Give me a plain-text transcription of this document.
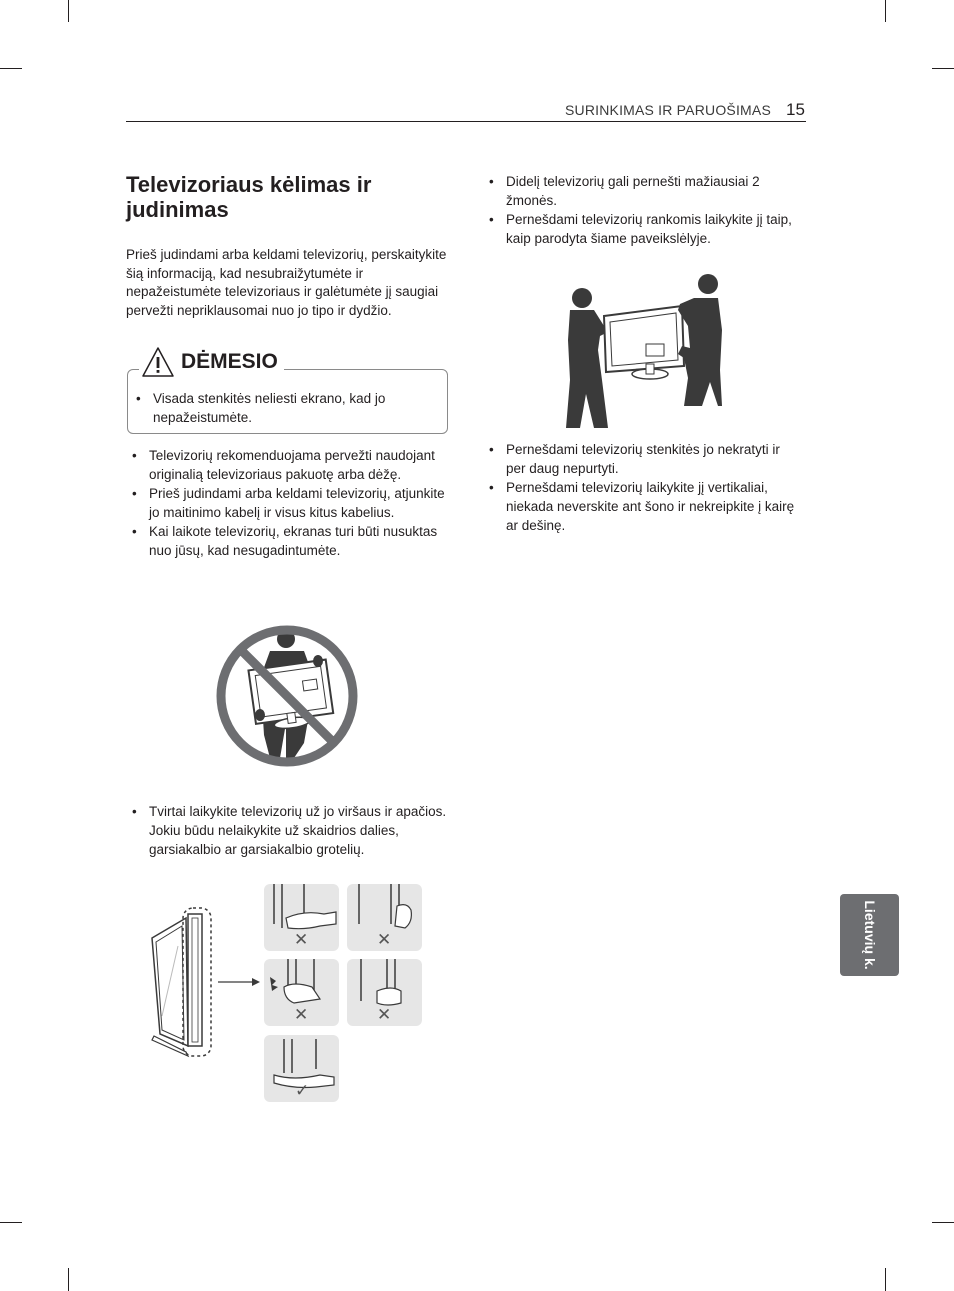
SURINKIMAS IR PARUOŠIMAS 15
Televizoriaus kėlimas ir judinimas

Prieš judindami arba keldami televizorių, perskaitykite šią informaciją, kad nesubraižytumėte ir nepažeistumėte televizoriaus ir galėtumėte jį saugiai pervežti nepriklausomai nuo jo tipo ir dydžio.

DĖMESIO
• Visada stenkitės neliesti ekrano, kad jo nepažeistumėte.
• Televizorių rekomenduojama pervežti naudojant originalią televizoriaus pakuotę arba dėžę.
• Prieš judindami arba keldami televizorių, atjunkite jo maitinimo kabelį ir visus kitus kabelius.
• Kai laikote televizorių, ekranas turi būti nusuktas nuo jūsų, kad nesugadintumėte.
• Tvirtai laikykite televizorių už jo viršaus ir apačios. Jokiu būdu nelaikykite už skaidrios dalies, garsiakalbio ar garsiakalbio grotelių.
✕	✕
✕	✕
✓
• Didelį televizorių gali pernešti mažiausiai 2 žmonės.
• Pernešdami televizorių rankomis laikykite jį taip, kaip parodyta šiame paveikslėlyje.
• Pernešdami televizorių stenkitės jo nekratyti ir per daug nepurtyti.
• Pernešdami televizorių laikykite jį vertikaliai, niekada neverskite ant šono ir nekreipkite į kairę ar dešinę.
Lietuvių k.
